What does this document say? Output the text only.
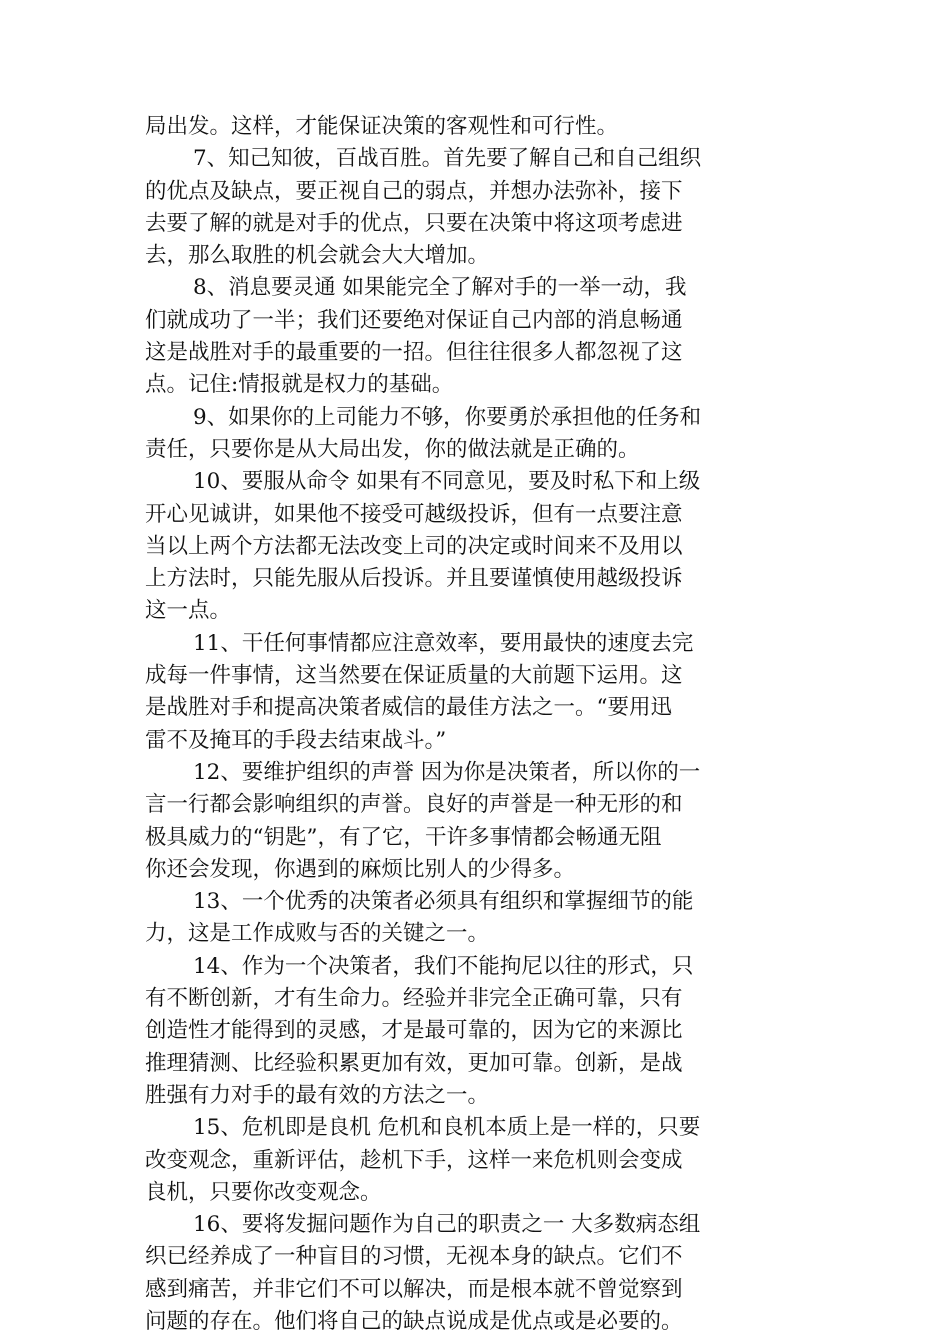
局出发。这样，才能保证决策的客观性和可行性。
7、知己知彼，百战百胜。首先要了解自己和自己组织
的优点及缺点，要正视自己的弱点，并想办法弥补，接下
去要了解的就是对手的优点，只要在决策中将这项考虑进
去，那么取胜的机会就会大大增加。
8、消息要灵通 如果能完全了解对手的一举一动，我
们就成功了一半；我们还要绝对保证自己内部的消息畅通
这是战胜对手的最重要的一招。但往往很多人都忽视了这
点。记住:情报就是权力的基础。
9、如果你的上司能力不够，你要勇於承担他的任务和
责任，只要你是从大局出发，你的做法就是正确的。
10、要服从命令 如果有不同意见，要及时私下和上级
开心见诚讲，如果他不接受可越级投诉，但有一点要注意
当以上两个方法都无法改变上司的决定或时间来不及用以
上方法时，只能先服从后投诉。并且要谨慎使用越级投诉
这一点。
11、干任何事情都应注意效率，要用最快的速度去完
成每一件事情，这当然要在保证质量的大前题下运用。这
是战胜对手和提高决策者威信的最佳方法之一。“要用迅
雷不及掩耳的手段去结束战斗。”
12、要维护组织的声誉 因为你是决策者，所以你的一
言一行都会影响组织的声誉。良好的声誉是一种无形的和
极具威力的“钥匙”，有了它，干许多事情都会畅通无阻
你还会发现，你遇到的麻烦比别人的少得多。
13、一个优秀的决策者必须具有组织和掌握细节的能
力，这是工作成败与否的关键之一。
14、作为一个决策者，我们不能拘尼以往的形式，只
有不断创新，才有生命力。经验并非完全正确可靠，只有
创造性才能得到的灵感，才是最可靠的，因为它的来源比
推理猜测、比经验积累更加有效，更加可靠。创新，是战
胜强有力对手的最有效的方法之一。
15、危机即是良机 危机和良机本质上是一样的，只要
改变观念，重新评估，趁机下手，这样一来危机则会变成
良机，只要你改变观念。
16、要将发掘问题作为自己的职责之一 大多数病态组
织已经养成了一种盲目的习惯，无视本身的缺点。它们不
感到痛苦，并非它们不可以解决，而是根本就不曾觉察到
问题的存在。他们将自己的缺点说成是优点或是必要的。
